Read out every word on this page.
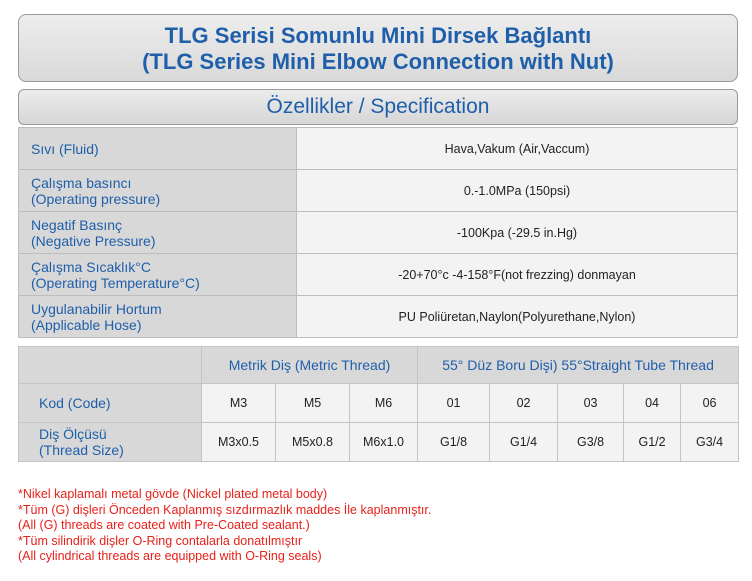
TLG Serisi Somunlu Mini Dirsek Bağlantı
(TLG Series Mini Elbow Connection with Nut)
Özellikler / Specification
Sıvı (Fluid)	Hava,Vakum (Air,Vaccum)
Çalışma basıncı
(Operating pressure)	0.-1.0MPa (150psi)
Negatif Basınç
(Negative Pressure)	-100Kpa (-29.5 in.Hg)
Çalışma Sıcaklık°C
(Operating Temperature°C)	-20+70°c -4-158°F(not frezzing) donmayan
Uygulanabilir Hortum
(Applicable Hose)	PU Poliüretan,Naylon(Polyurethane,Nylon)
	Metrik Diş (Metric Thread)			55° Düz Boru Dişi) 55°Straight Tube Thread				
Kod (Code)	M3	M5	M6	01	02	03	04	06
Diş Ölçüsü
(Thread Size)	M3x0.5	M5x0.8	M6x1.0	G1/8	G1/4	G3/8	G1/2	G3/4
*Nikel kaplamalı metal gövde (Nickel plated metal body)
*Tüm (G) dişleri Önceden Kaplanmış sızdırmazlık maddes İle kaplanmıştır.
(All (G) threads are coated with Pre-Coated sealant.)
*Tüm silindirik dişler O-Ring contalarla donatılmıştır
(All cylindrical threads are equipped with O-Ring seals)
